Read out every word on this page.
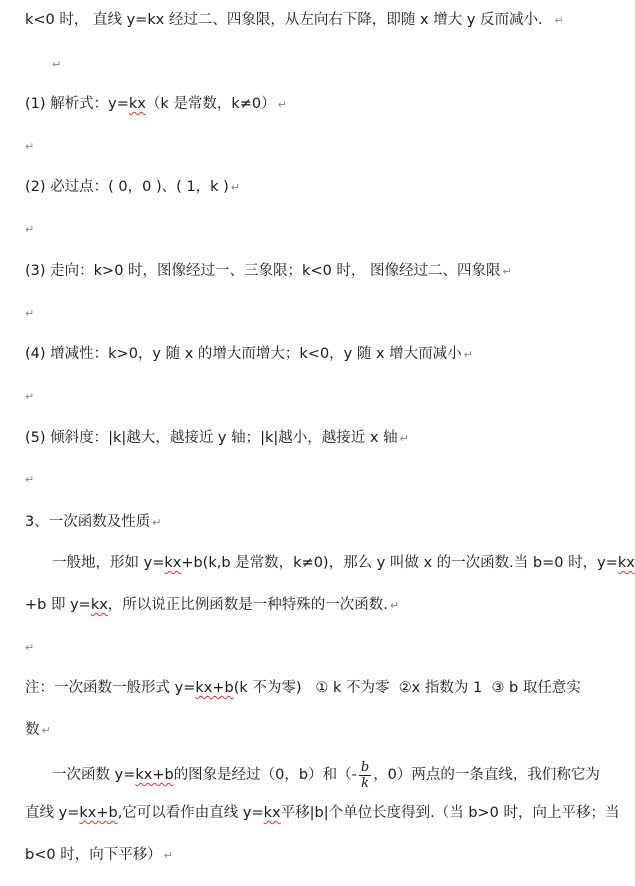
k<0 时， 直线 y=kx 经过二、四象限，从左向右下降，即随 x 增大 y 反而减小． ↵
↵
(1) 解析式：y=kx（k 是常数，k≠0） ↵
↵
(2) 必过点：( 0，0 )、( 1，k ) ↵
↵
(3) 走向：k>0 时，图像经过一、三象限；k<0 时， 图像经过二、四象限 ↵
↵
(4) 增减性：k>0，y 随 x 的增大而增大；k<0，y 随 x 增大而减小 ↵
↵
(5) 倾斜度：|k|越大，越接近 y 轴；|k|越小，越接近 x 轴 ↵
↵
3、一次函数及性质 ↵
一般地，形如 y=kx+b(k,b 是常数，k≠0)，那么 y 叫做 x 的一次函数.当 b=0 时，y=kx
+b 即 y=kx，所以说正比例函数是一种特殊的一次函数. ↵
↵
注：一次函数一般形式 y=kx+b(k 不为零) ① k 不为零 ②x 指数为 1 ③ b 取任意实
数 ↵
一次函数 y=kx+b的图象是经过（0，b）和（- $\frac{b}{k}$ ，0）两点的一条直线，我们称它为
直线 y=kx+b,它可以看作由直线 y=kx平移|b|个单位长度得到.（当 b>0 时，向上平移；当
b<0 时，向下平移） ↵
